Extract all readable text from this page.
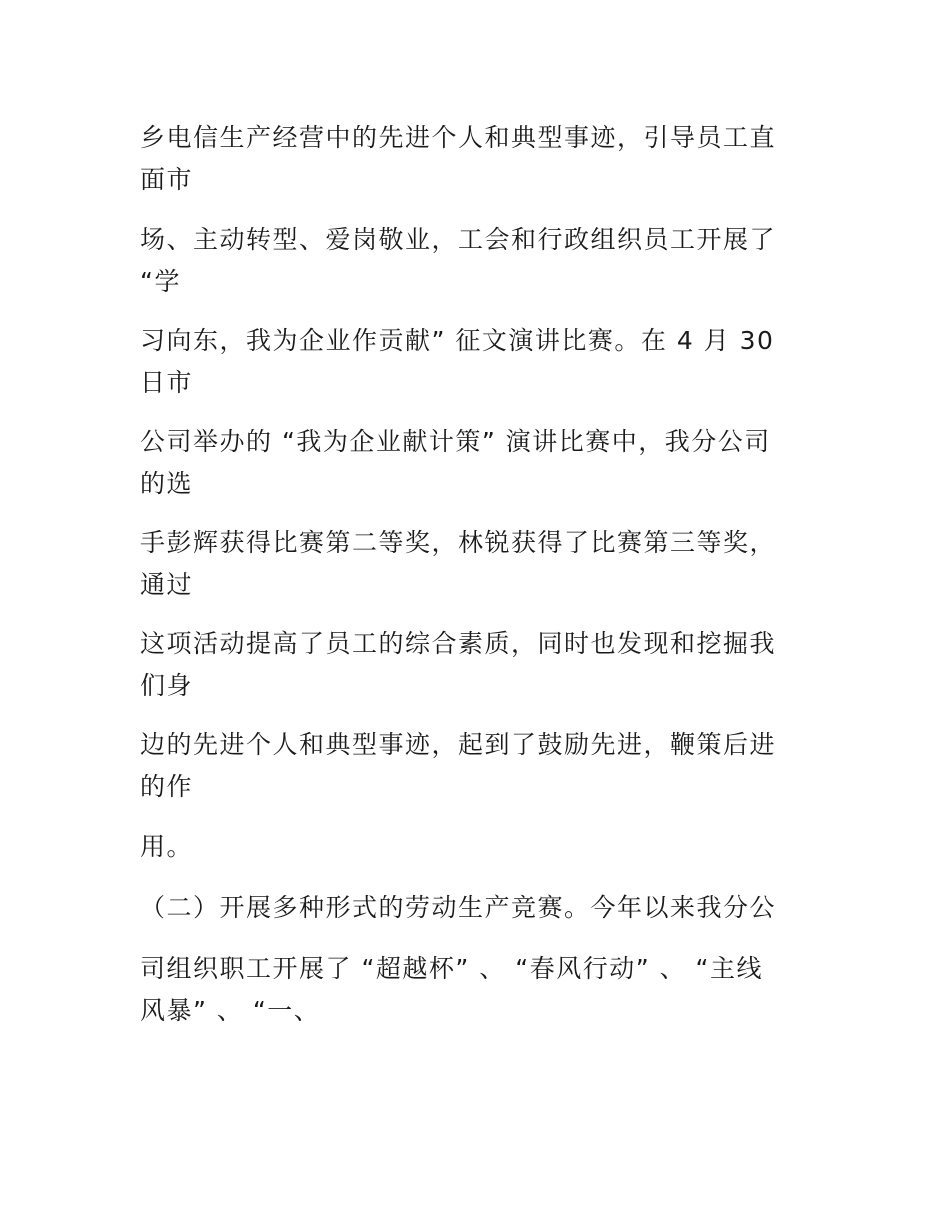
乡电信生产经营中的先进个人和典型事迹，引导员工直
面市

场、主动转型、爱岗敬业，工会和行政组织员工开展了
“学

习向东，我为企业作贡献” 征文演讲比赛。在 4 月 30
日市

公司举办的 “我为企业献计策” 演讲比赛中，我分公司
的选

手彭辉获得比赛第二等奖，林锐获得了比赛第三等奖，
通过

这项活动提高了员工的综合素质，同时也发现和挖掘我
们身

边的先进个人和典型事迹，起到了鼓励先进，鞭策后进
的作

用。

（二）开展多种形式的劳动生产竞赛。今年以来我分公

司组织职工开展了 “超越杯” 、 “春风行动” 、 “主线
风暴” 、 “一、
